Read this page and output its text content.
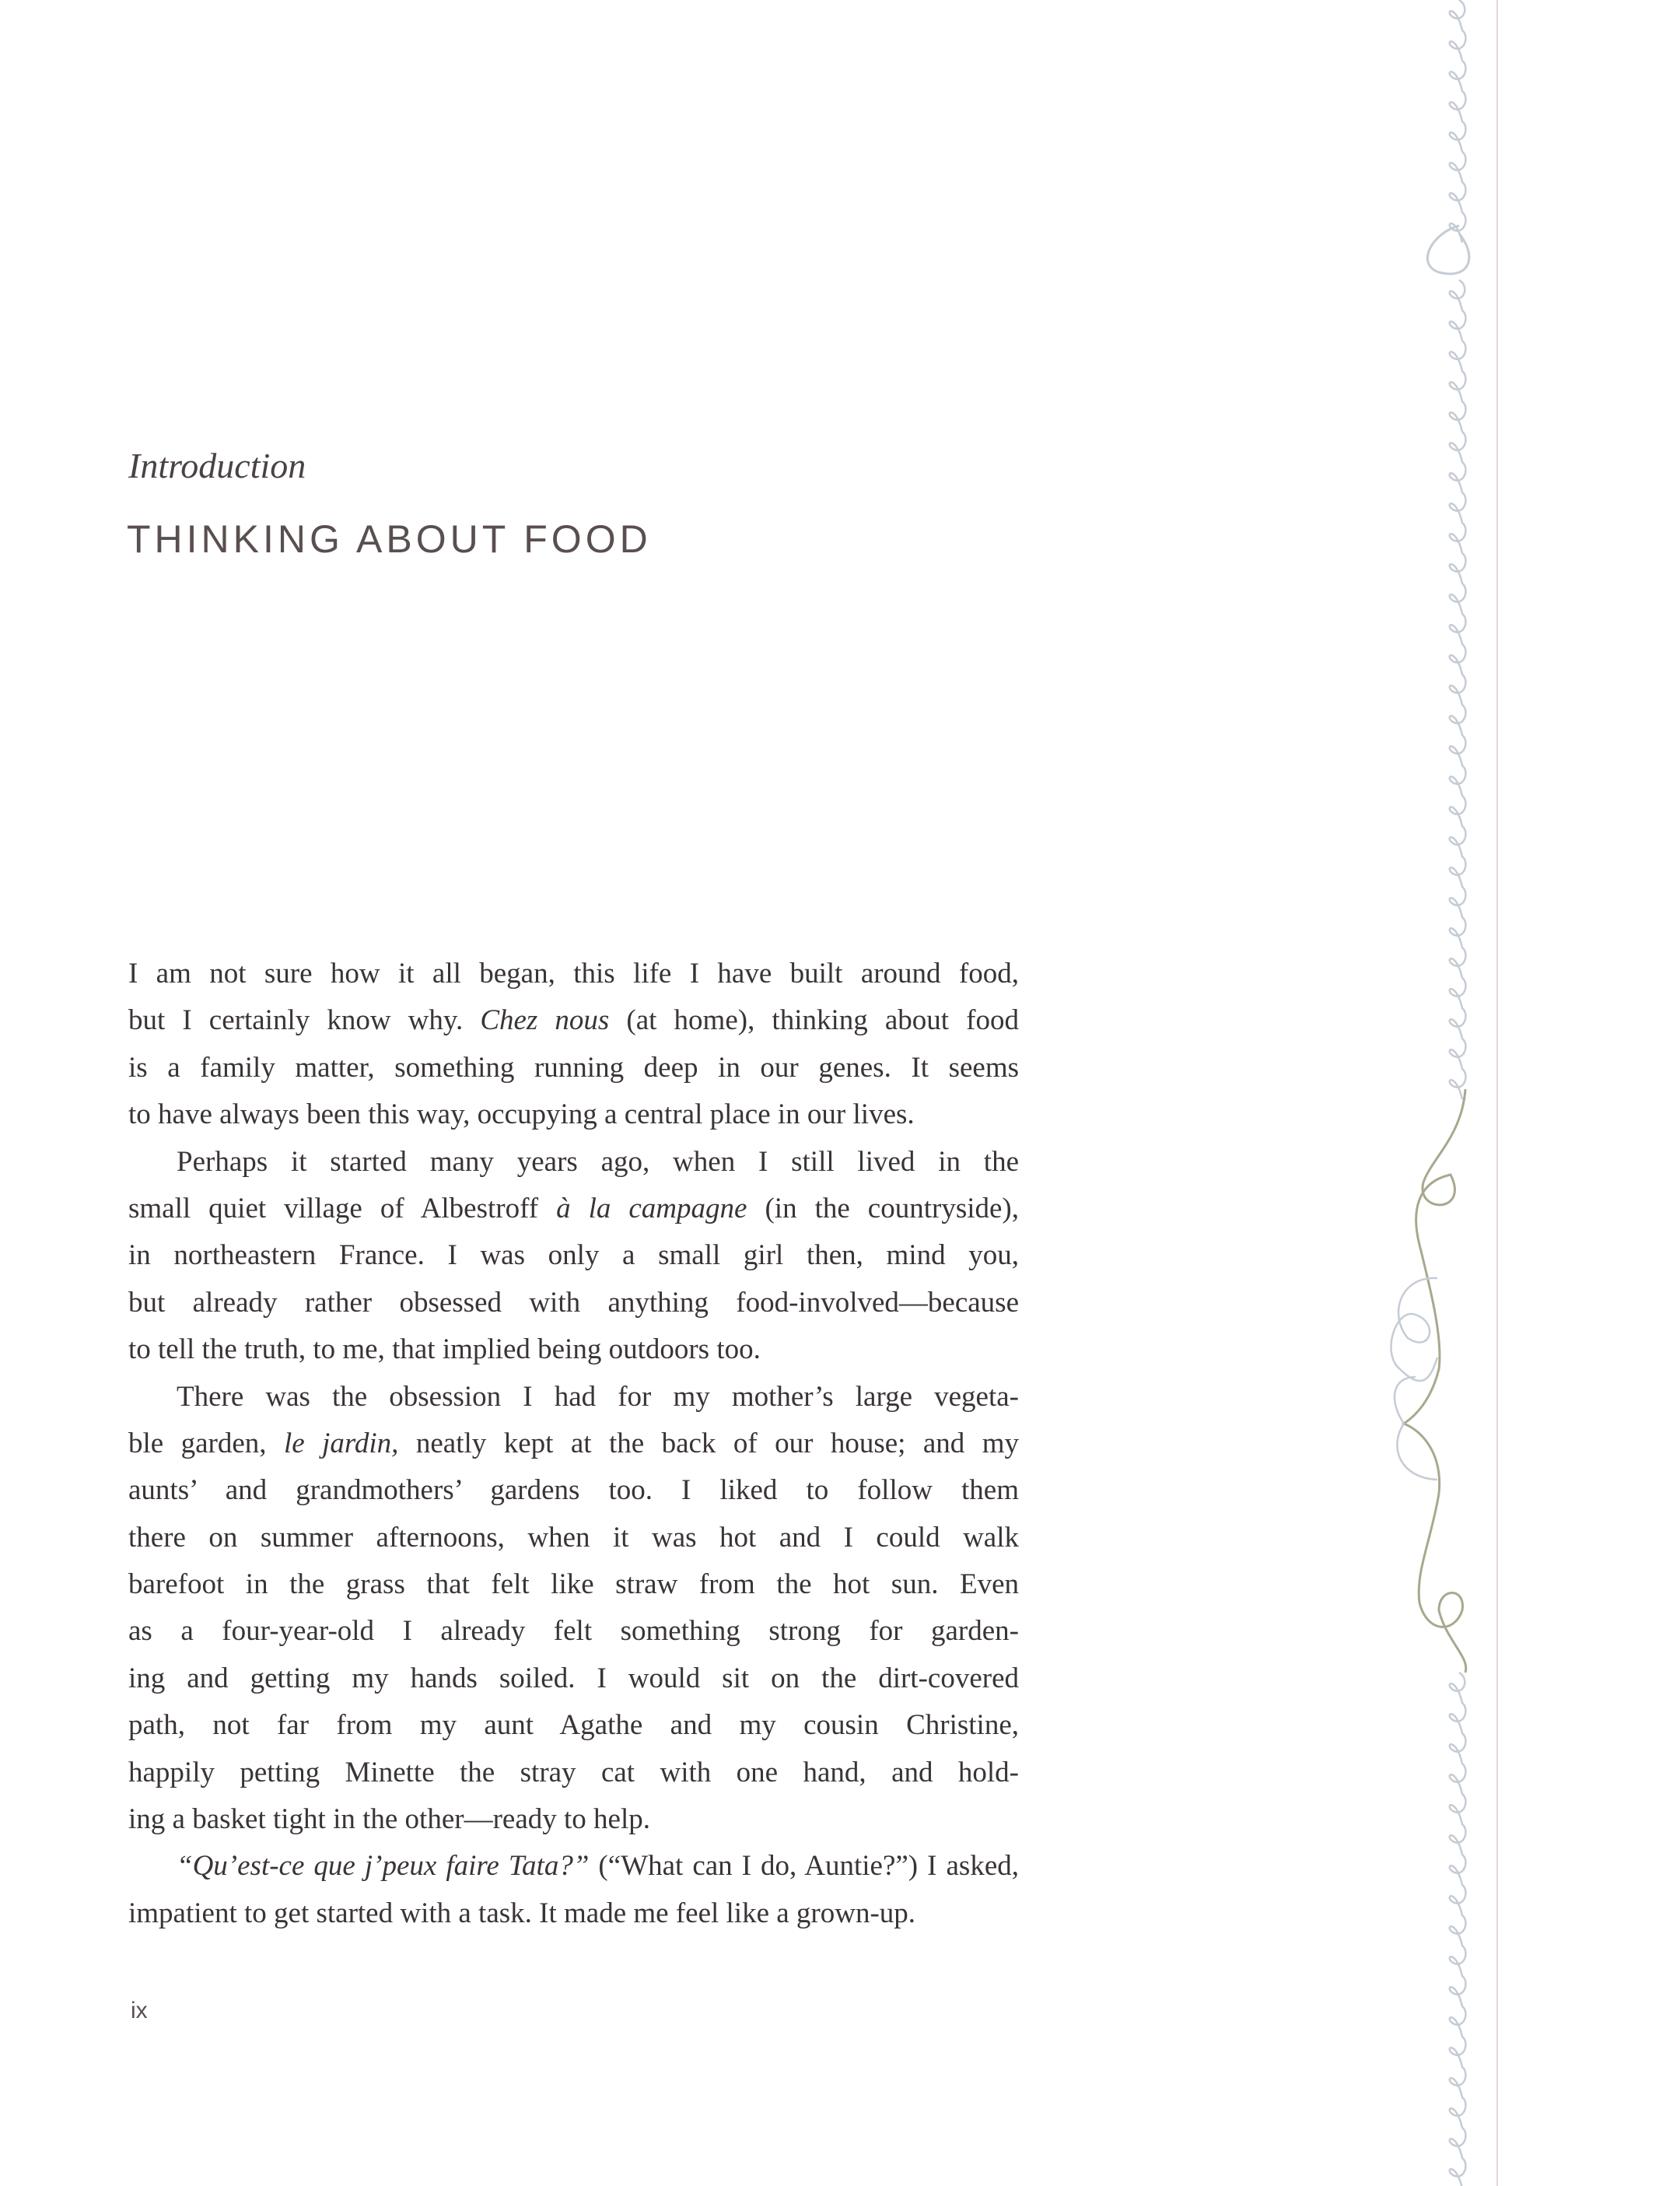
Introduction
THINKING ABOUT FOOD
I am not sure how it all began, this life I have built around food,
but I certainly know why. Chez nous (at home), thinking about food
is a family matter, something running deep in our genes. It seems
to have always been this way, occupying a central place in our lives.
Perhaps it started many years ago, when I still lived in the
small quiet village of Albestroff à la campagne (in the countryside),
in northeastern France. I was only a small girl then, mind you,
but already rather obsessed with anything food-involved—because
to tell the truth, to me, that implied being outdoors too.
There was the obsession I had for my mother’s large vegeta-
ble garden, le jardin, neatly kept at the back of our house; and my
aunts’ and grandmothers’ gardens too. I liked to follow them
there on summer afternoons, when it was hot and I could walk
barefoot in the grass that felt like straw from the hot sun. Even
as a four-year-old I already felt something strong for garden-
ing and getting my hands soiled. I would sit on the dirt-covered
path, not far from my aunt Agathe and my cousin Christine,
happily petting Minette the stray cat with one hand, and hold-
ing a basket tight in the other—ready to help.
“Qu’est-ce que j’peux faire Tata?” (“What can I do, Auntie?”) I asked,
impatient to get started with a task. It made me feel like a grown-up.
ix
